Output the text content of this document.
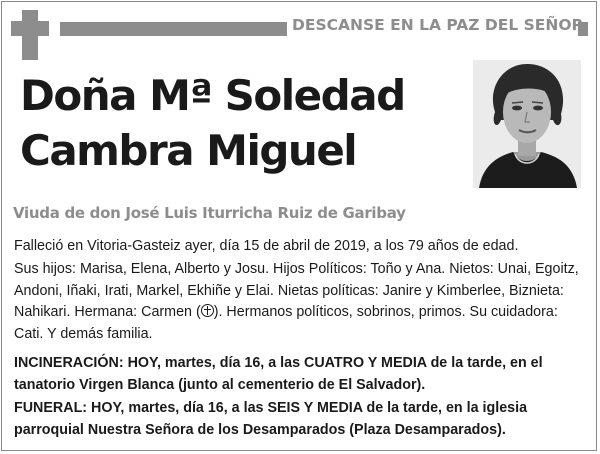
DESCANSE EN LA PAZ DEL SEÑOR
Doña Mª Soledad
Cambra Miguel
Viuda de don José Luis Iturricha Ruiz de Garibay

Falleció en Vitoria-Gasteiz ayer, día 15 de abril de 2019, a los 79 años de edad.

Sus hijos: Marisa, Elena, Alberto y Josu. Hijos Políticos: Toño y Ana. Nietos: Unai, Egoitz, Andoni, Iñaki, Irati, Markel, Ekhiñe y Elai. Nietas políticas: Janire y Kimberlee, Biznieta: Nahikari. Hermana: Carmen ( ). Hermanos políticos, sobrinos, primos. Su cuidadora: Cati. Y demás familia.

INCINERACIÓN: HOY, martes, día 16, a las CUATRO Y MEDIA de la tarde, en el tanatorio Virgen Blanca (junto al cementerio de El Salvador).

FUNERAL: HOY, martes, día 16, a las SEIS Y MEDIA de la tarde, en la iglesia parroquial Nuestra Señora de los Desamparados (Plaza Desamparados).
